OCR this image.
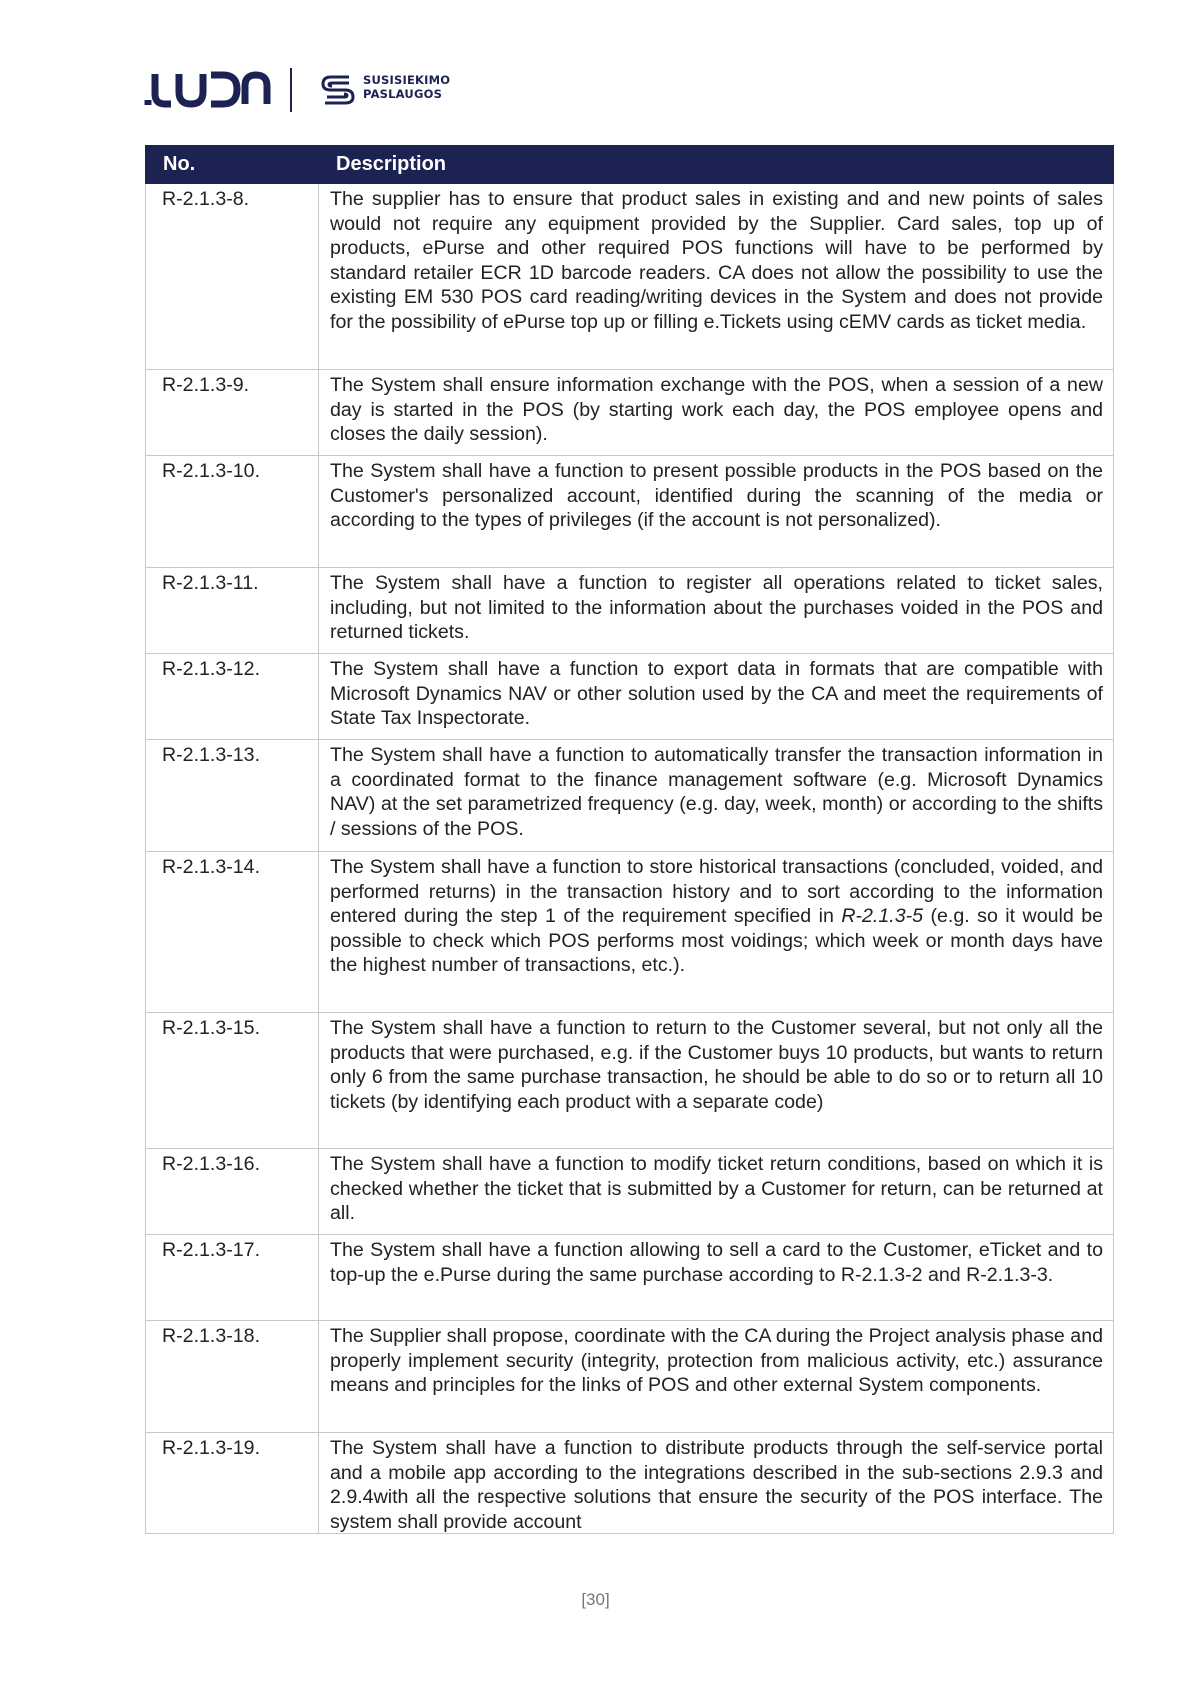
SUSISIEKIMO
PASLAUGOS
No.	Description
R-2.1.3-8.	The supplier has to ensure that product sales in existing and and new points of sales would not require any equipment provided by the Supplier. Card sales, top up of products, ePurse and other required POS functions will have to be performed by standard retailer ECR 1D barcode readers. CA does not allow the possibility to use the existing EM 530 POS card reading/writing devices in the System and does not provide for the possibility of ePurse top up or filling e.Tickets using cEMV cards as ticket media.
R-2.1.3-9.	The System shall ensure information exchange with the POS, when a session of a new day is started in the POS (by starting work each day, the POS employee opens and closes the daily session).
R-2.1.3-10.	The System shall have a function to present possible products in the POS based on the Customer's personalized account, identified during the scanning of the media or according to the types of privileges (if the account is not personalized).
R-2.1.3-11.	The System shall have a function to register all operations related to ticket sales, including, but not limited to the information about the purchases voided in the POS and returned tickets.
R-2.1.3-12.	The System shall have a function to export data in formats that are compatible with Microsoft Dynamics NAV or other solution used by the CA and meet the requirements of State Tax Inspectorate.
R-2.1.3-13.	The System shall have a function to automatically transfer the transaction information in a coordinated format to the finance management software (e.g. Microsoft Dynamics NAV) at the set parametrized frequency (e.g. day, week, month) or according to the shifts / sessions of the POS.
R-2.1.3-14.	The System shall have a function to store historical transactions (concluded, voided, and performed returns) in the transaction history and to sort according to the information entered during the step 1 of the requirement specified in R-2.1.3-5 (e.g. so it would be possible to check which POS performs most voidings; which week or month days have the highest number of transactions, etc.).
R-2.1.3-15.	The System shall have a function to return to the Customer several, but not only all the products that were purchased, e.g. if the Customer buys 10 products, but wants to return only 6 from the same purchase transaction, he should be able to do so or to return all 10 tickets (by identifying each product with a separate code)
R-2.1.3-16.	The System shall have a function to modify ticket return conditions, based on which it is checked whether the ticket that is submitted by a Customer for return, can be returned at all.
R-2.1.3-17.	The System shall have a function allowing to sell a card to the Customer, eTicket and to top-up the e.Purse during the same purchase according to R-2.1.3-2 and R-2.1.3-3.
R-2.1.3-18.	The Supplier shall propose, coordinate with the CA during the Project analysis phase and properly implement security (integrity, protection from malicious activity, etc.) assurance means and principles for the links of POS and other external System components.
R-2.1.3-19.	The System shall have a function to distribute products through the self-service portal and a mobile app according to the integrations described in the sub-sections 2.9.3 and 2.9.4with all the respective solutions that ensure the security of the POS interface. The system shall provide account
[30]
